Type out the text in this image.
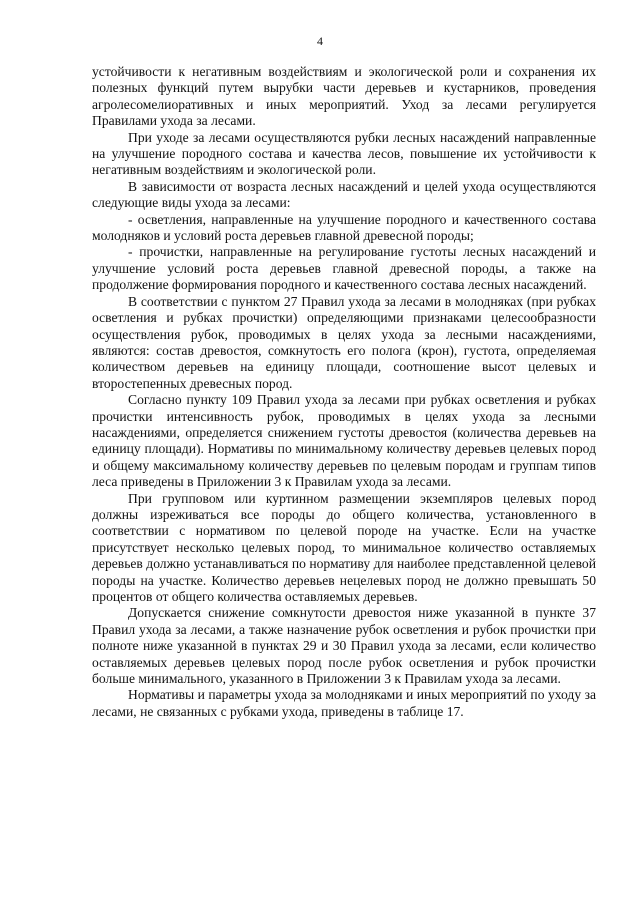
4

устойчивости к негативным воздействиям и экологической роли и сохранения их полезных функций путем вырубки части деревьев и кустарников, проведения агролесомелиоративных и иных мероприятий. Уход за лесами регулируется Правилами ухода за лесами.

При уходе за лесами осуществляются рубки лесных насаждений направленные на улучшение породного состава и качества лесов, повышение их устойчивости к негативным воздействиям и экологической роли.

В зависимости от возраста лесных насаждений и целей ухода осуществляются следующие виды ухода за лесами:

- осветления, направленные на улучшение породного и качественного состава молодняков и условий роста деревьев главной древесной породы;

- прочистки, направленные на регулирование густоты лесных насаждений и улучшение условий роста деревьев главной древесной породы, а также на продолжение формирования породного и качественного состава лесных насаждений.

В соответствии с пунктом 27 Правил ухода за лесами в молодняках (при рубках осветления и рубках прочистки) определяющими признаками целесообразности осуществления рубок, проводимых в целях ухода за лесными насаждениями, являются: состав древостоя, сомкнутость его полога (крон), густота, определяемая количеством деревьев на единицу площади, соотношение высот целевых и второстепенных древесных пород.

Согласно пункту 109 Правил ухода за лесами при рубках осветления и рубках прочистки интенсивность рубок, проводимых в целях ухода за лесными насаждениями, определяется снижением густоты древостоя (количества деревьев на единицу площади). Нормативы по минимальному количеству деревьев целевых пород и общему максимальному количеству деревьев по целевым породам и группам типов леса приведены в Приложении 3 к Правилам ухода за лесами.

При групповом или куртинном размещении экземпляров целевых пород должны изреживаться все породы до общего количества, установленного в соответствии с нормативом по целевой породе на участке. Если на участке присутствует несколько целевых пород, то минимальное количество оставляемых деревьев должно устанавливаться по нормативу для наиболее представленной целевой породы на участке. Количество деревьев нецелевых пород не должно превышать 50 процентов от общего количества оставляемых деревьев.

Допускается снижение сомкнутости древостоя ниже указанной в пункте 37 Правил ухода за лесами, а также назначение рубок осветления и рубок прочистки при полноте ниже указанной в пунктах 29 и 30 Правил ухода за лесами, если количество оставляемых деревьев целевых пород после рубок осветления и рубок прочистки больше минимального, указанного в Приложении 3 к Правилам ухода за лесами.

Нормативы и параметры ухода за молодняками и иных мероприятий по уходу за лесами, не связанных с рубками ухода, приведены в таблице 17.
